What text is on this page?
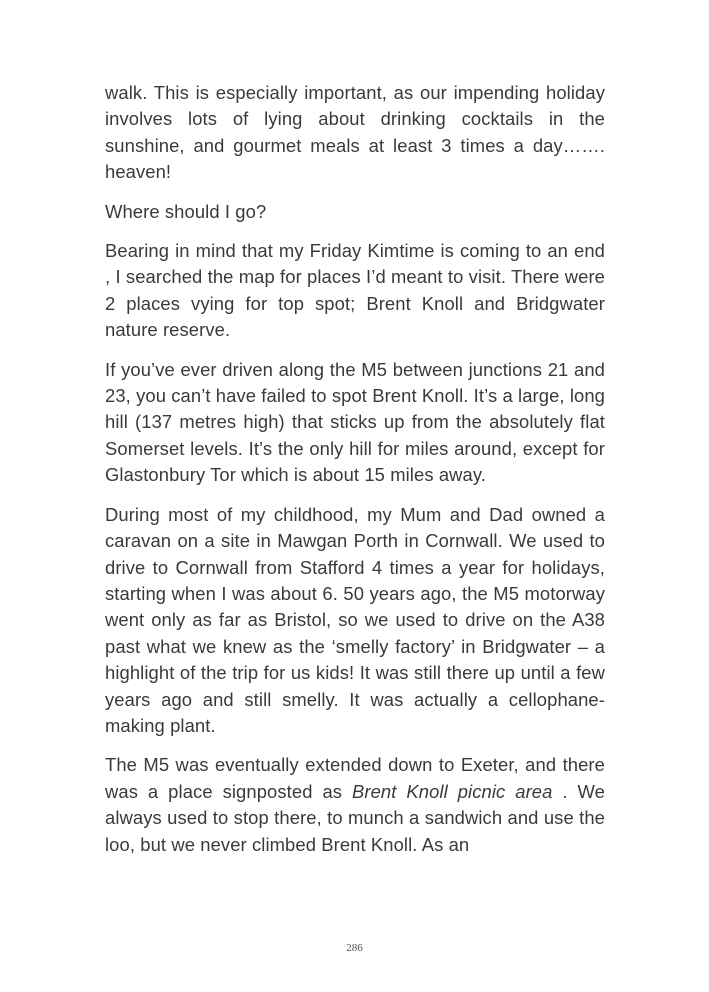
walk. This is especially important, as our impending holiday involves lots of lying about drinking cocktails in the sunshine, and gourmet meals at least 3 times a day……. heaven!

Where should I go?

Bearing in mind that my Friday Kimtime is coming to an end , I searched the map for places I’d meant to visit. There were 2 places vying for top spot; Brent Knoll and Bridgwater nature reserve.

If you’ve ever driven along the M5 between junctions 21 and 23, you can’t have failed to spot Brent Knoll. It’s a large, long hill (137 metres high) that sticks up from the absolutely flat Somerset levels. It’s the only hill for miles around, except for Glastonbury Tor which is about 15 miles away.

During most of my childhood, my Mum and Dad owned a caravan on a site in Mawgan Porth in Cornwall. We used to drive to Cornwall from Stafford 4 times a year for holidays, starting when I was about 6. 50 years ago, the M5 motorway went only as far as Bristol, so we used to drive on the A38 past what we knew as the ‘smelly factory’ in Bridgwater – a highlight of the trip for us kids! It was still there up until a few years ago and still smelly. It was actually a cellophane-making plant.

The M5 was eventually extended down to Exeter, and there was a place signposted as Brent Knoll picnic area . We always used to stop there, to munch a sandwich and use the loo, but we never climbed Brent Knoll. As an

286
